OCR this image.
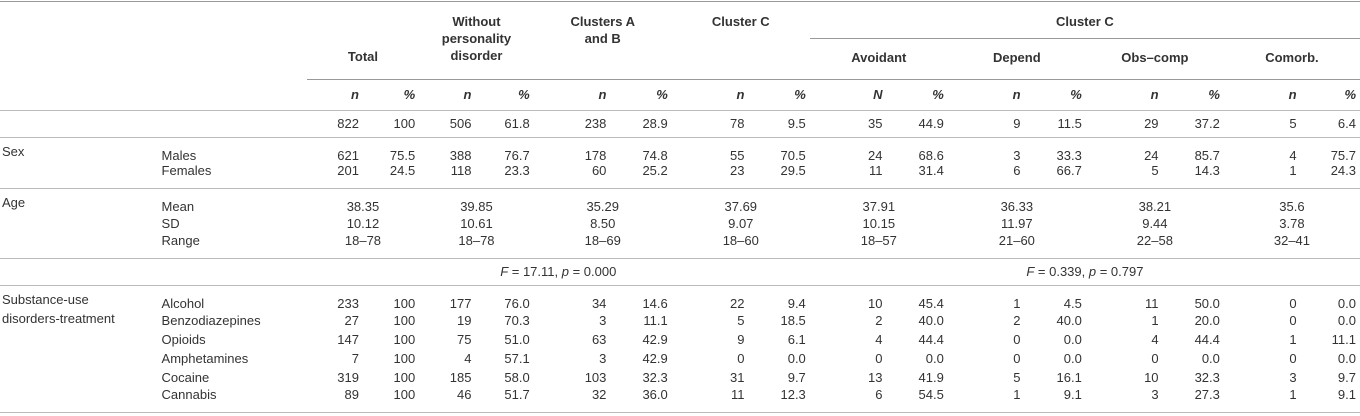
		Total		Without personality disorder		Clusters A and B		Cluster C		Cluster C							
										Avoidant		Depend		Obs–comp		Comorb.	
		n	%	n	%	n	%	n	%	N	%	n	%	n	%	n	%
		822	100	506	61.8	238	28.9	78	9.5	35	44.9	9	11.5	29	37.2	5	6.4

Sex	Males	621	75.5	388	76.7	178	74.8	55	70.5	24	68.6	3	33.3	24	85.7	4	75.7
	Females	201	24.5	118	23.3	60	25.2	23	29.5	11	31.4	6	66.7	5	14.3	1	24.3

Age	Mean	38.35		39.85		35.29		37.69		37.91		36.33		38.21		35.6	
	SD	10.12		10.61		8.50		9.07		10.15		11.97		9.44		3.78	
	Range	18–78		18–78		18–69		18–60		18–57		21–60		22–58		32–41	
		F = 17.11, p = 0.000								F = 0.339, p = 0.797							

Substance-use
disorders-treatment	Alcohol	233	100	177	76.0	34	14.6	22	9.4	10	45.4	1	4.5	11	50.0	0	0.0
	Benzodiazepines	27	100	19	70.3	3	11.1	5	18.5	2	40.0	2	40.0	1	20.0	0	0.0
	Opioids	147	100	75	51.0	63	42.9	9	6.1	4	44.4	0	0.0	4	44.4	1	11.1
	Amphetamines	7	100	4	57.1	3	42.9	0	0.0	0	0.0	0	0.0	0	0.0	0	0.0
	Cocaine	319	100	185	58.0	103	32.3	31	9.7	13	41.9	5	16.1	10	32.3	3	9.7
	Cannabis	89	100	46	51.7	32	36.0	11	12.3	6	54.5	1	9.1	3	27.3	1	9.1
